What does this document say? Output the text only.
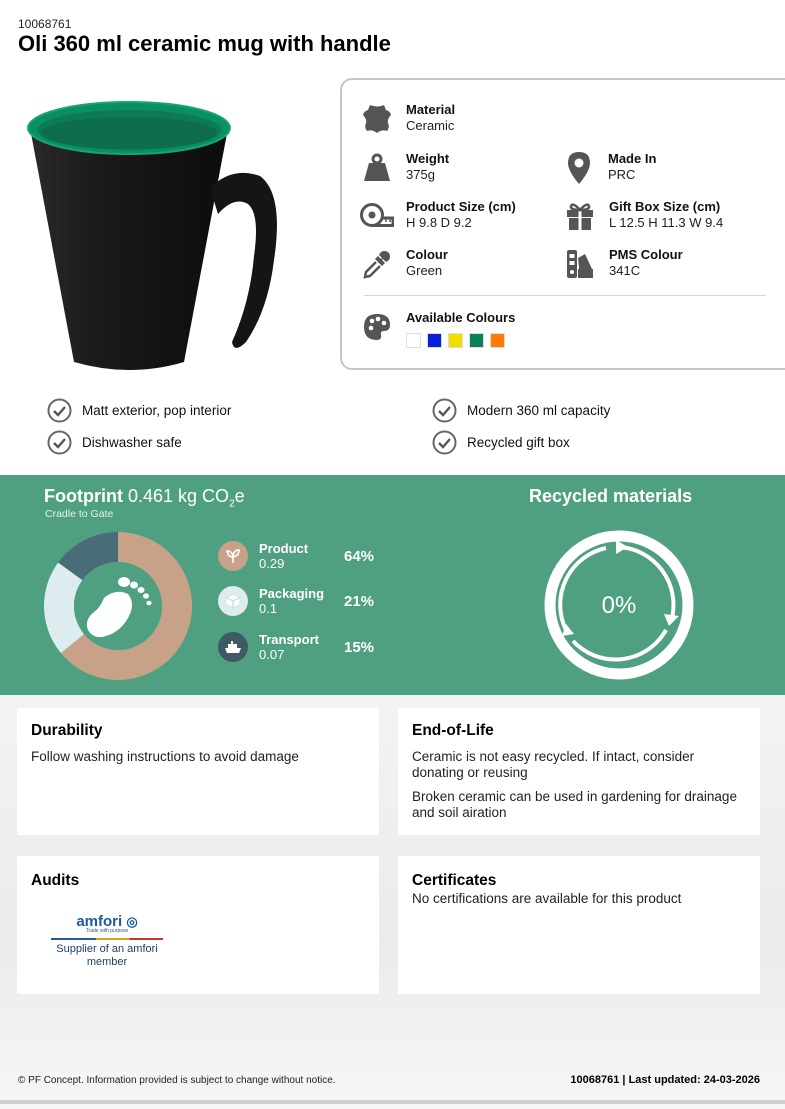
10068761
Oli 360 ml ceramic mug with handle
Material
Ceramic
Weight
375g
Made In
PRC
Product Size (cm)
H 9.8 D 9.2
Gift Box Size (cm)
L 12.5 H 11.3 W 9.4
Colour
Green
PMS Colour
341C
Available Colours
Matt exterior, pop interior
Dishwasher safe
Modern 360 ml capacity
Recycled gift box
Footprint 0.461 kg $CO_2e$
Cradle to Gate
Product
0.29	64%
Packaging
0.1	21%
Transport
0.07	15%
Recycled materials
0%
Durability

Follow washing instructions to avoid damage

End-of-Life

Ceramic is not easy recycled. If intact, consider donating or reusing

Broken ceramic can be used in gardening for drainage and soil airation

Audits
amfori ◎
Trade with purpose
Supplier of an amfori member
Certificates

No certifications are available for this product

© PF Concept. Information provided is subject to change without notice.	10068761 | Last updated: 24-03-2026
